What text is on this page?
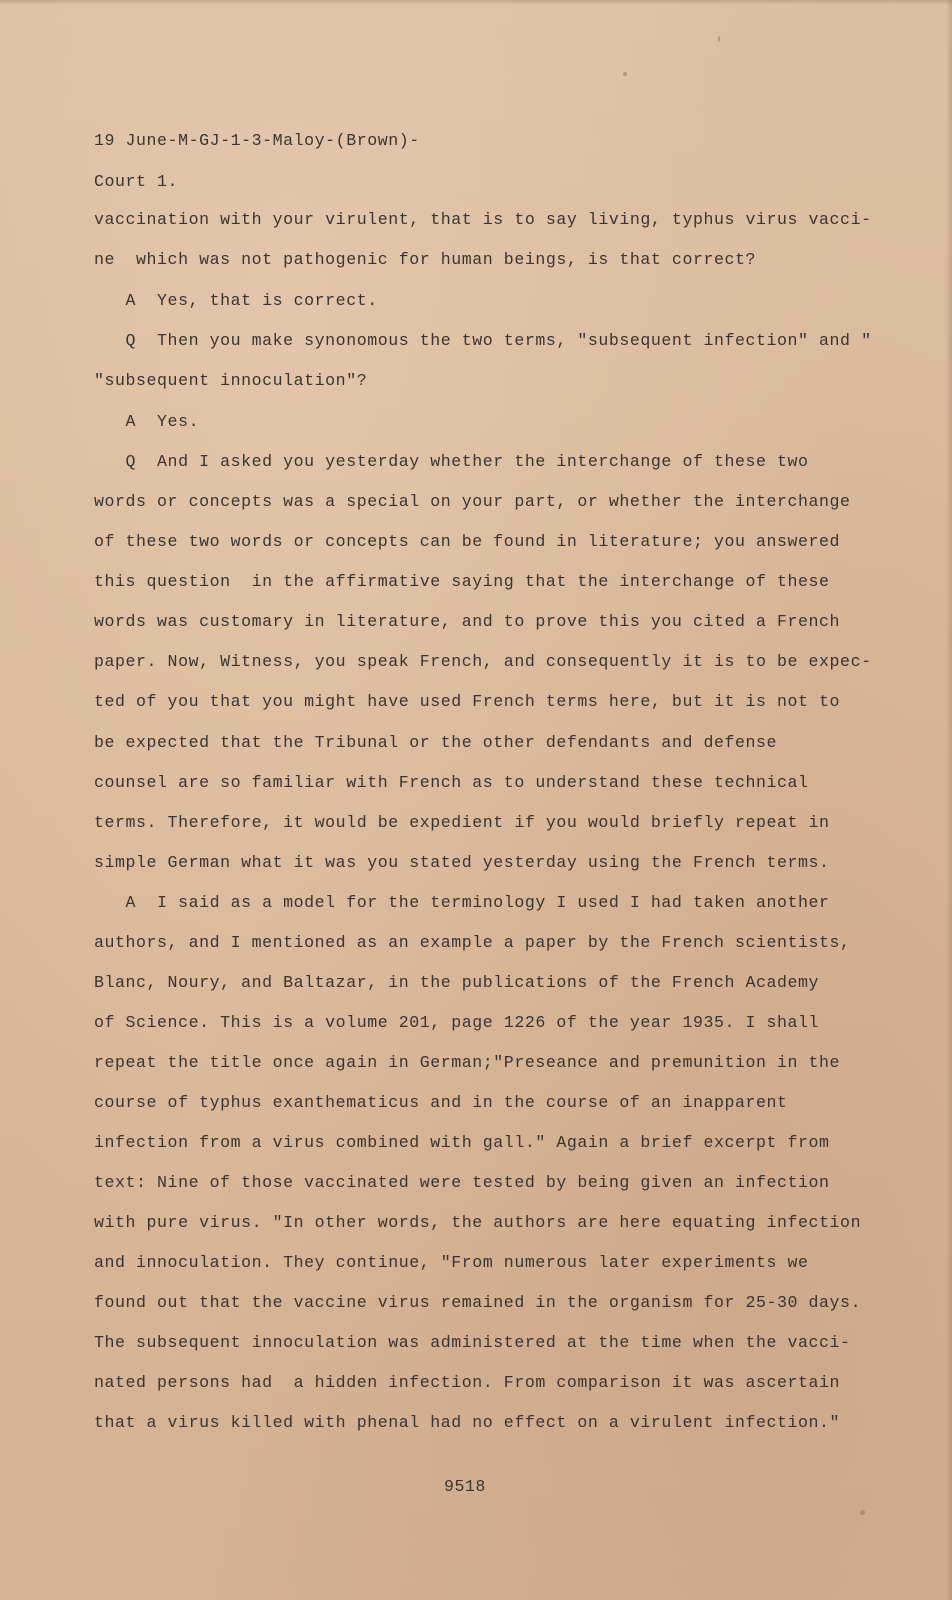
19 June-M-GJ-1-3-Maloy-(Brown)-
Court 1.
vaccination with your virulent, that is to say living, typhus virus vacci-
ne  which was not pathogenic for human beings, is that correct?
A  Yes, that is correct.
Q  Then you make synonomous the two terms, "subsequent infection" and "
"subsequent innoculation"?
A  Yes.
Q  And I asked you yesterday whether the interchange of these two
words or concepts was a special on your part, or whether the interchange
of these two words or concepts can be found in literature; you answered
this question  in the affirmative saying that the interchange of these
words was customary in literature, and to prove this you cited a French
paper. Now, Witness, you speak French, and consequently it is to be expec-
ted of you that you might have used French terms here, but it is not to
be expected that the Tribunal or the other defendants and defense
counsel are so familiar with French as to understand these technical
terms. Therefore, it would be expedient if you would briefly repeat in
simple German what it was you stated yesterday using the French terms.
A  I said as a model for the terminology I used I had taken another
authors, and I mentioned as an example a paper by the French scientists,
Blanc, Noury, and Baltazar, in the publications of the French Academy
of Science. This is a volume 201, page 1226 of the year 1935. I shall
repeat the title once again in German;"Preseance and premunition in the
course of typhus exanthematicus and in the course of an inapparent
infection from a virus combined with gall." Again a brief excerpt from
text: Nine of those vaccinated were tested by being given an infection
with pure virus. "In other words, the authors are here equating infection
and innoculation. They continue, "From numerous later experiments we
found out that the vaccine virus remained in the organism for 25-30 days.
The subsequent innoculation was administered at the time when the vacci-
nated persons had  a hidden infection. From comparison it was ascertain
that a virus killed with phenal had no effect on a virulent infection."
9518
